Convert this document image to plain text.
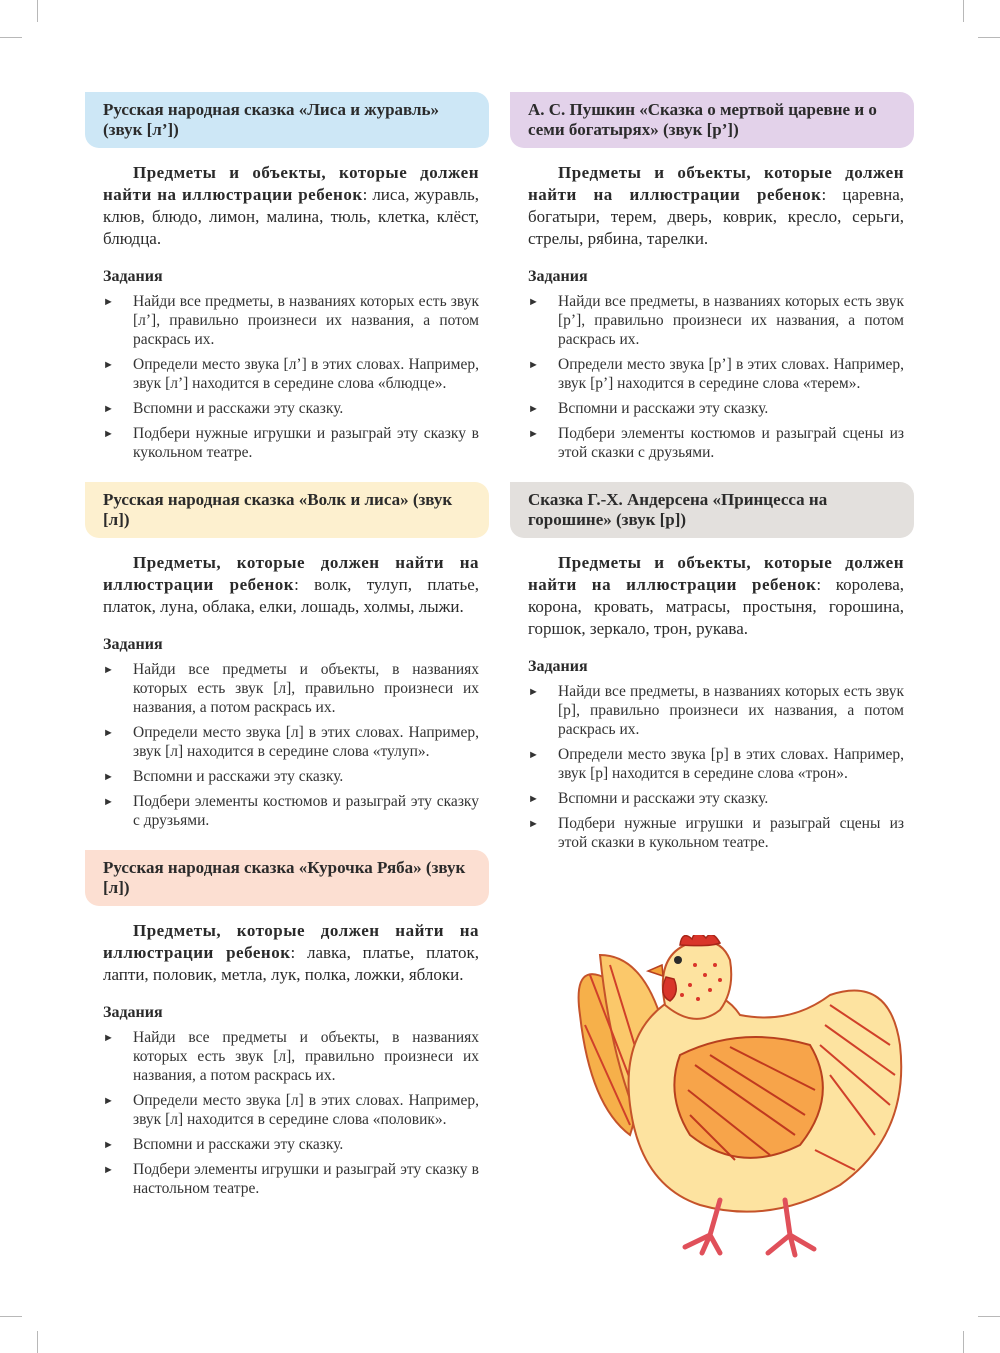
Русская народная сказка «Лиса и журавль» (звук [л’])
Предметы и объекты, которые должен найти на иллюстрации ребенок: лиса, журавль, клюв, блюдо, лимон, малина, тюль, клетка, клёст, блюдца.
Задания
► Найди все предметы, в названиях которых есть звук [л’], правильно произнеси их названия, а потом раскрась их.
► Определи место звука [л’] в этих словах. Например, звук [л’] находится в середине слова «блюдце».
► Вспомни и расскажи эту сказку.
► Подбери нужные игрушки и разыграй эту сказку в кукольном театре.
Русская народная сказка «Волк и лиса» (звук [л])
Предметы, которые должен найти на иллюстрации ребенок: волк, тулуп, платье, платок, луна, облака, елки, лошадь, холмы, лыжи.
Задания
► Найди все предметы и объекты, в названиях которых есть звук [л], правильно произнеси их названия, а потом раскрась их.
► Определи место звука [л] в этих словах. Например, звук [л] находится в середине слова «тулуп».
► Вспомни и расскажи эту сказку.
► Подбери элементы костюмов и разыграй эту сказку с друзьями.
Русская народная сказка «Курочка Ряба» (звук [л])
Предметы, которые должен найти на иллюстрации ребенок: лавка, платье, платок, лапти, половик, метла, лук, полка, ложки, яблоки.
Задания
► Найди все предметы и объекты, в названиях которых есть звук [л], правильно произнеси их названия, а потом раскрась их.
► Определи место звука [л] в этих словах. Например, звук [л] находится в середине слова «половик».
► Вспомни и расскажи эту сказку.
► Подбери элементы игрушки и разыграй эту сказку в настольном театре.
А. С. Пушкин «Сказка о мертвой царевне и о семи богатырях» (звук [р’])
Предметы и объекты, которые должен найти на иллюстрации ребенок: царевна, богатыри, терем, дверь, коврик, кресло, серьги, стрелы, рябина, тарелки.
Задания
► Найди все предметы, в названиях которых есть звук [р’], правильно произнеси их названия, а потом раскрась их.
► Определи место звука [р’] в этих словах. Например, звук [р’] находится в середине слова «терем».
► Вспомни и расскажи эту сказку.
► Подбери элементы костюмов и разыграй сцены из этой сказки с друзьями.
Сказка Г.-Х. Андерсена «Принцесса на горошине» (звук [р])
Предметы и объекты, которые должен найти на иллюстрации ребенок: королева, корона, кровать, матрасы, простыня, горошина, горшок, зеркало, трон, рукава.
Задания
► Найди все предметы, в названиях которых есть звук [р], правильно произнеси их названия, а потом раскрась их.
► Определи место звука [р] в этих словах. Например, звук [р] находится в середине слова «трон».
► Вспомни и расскажи эту сказку.
► Подбери нужные игрушки и разыграй сцены из этой сказки в кукольном театре.
